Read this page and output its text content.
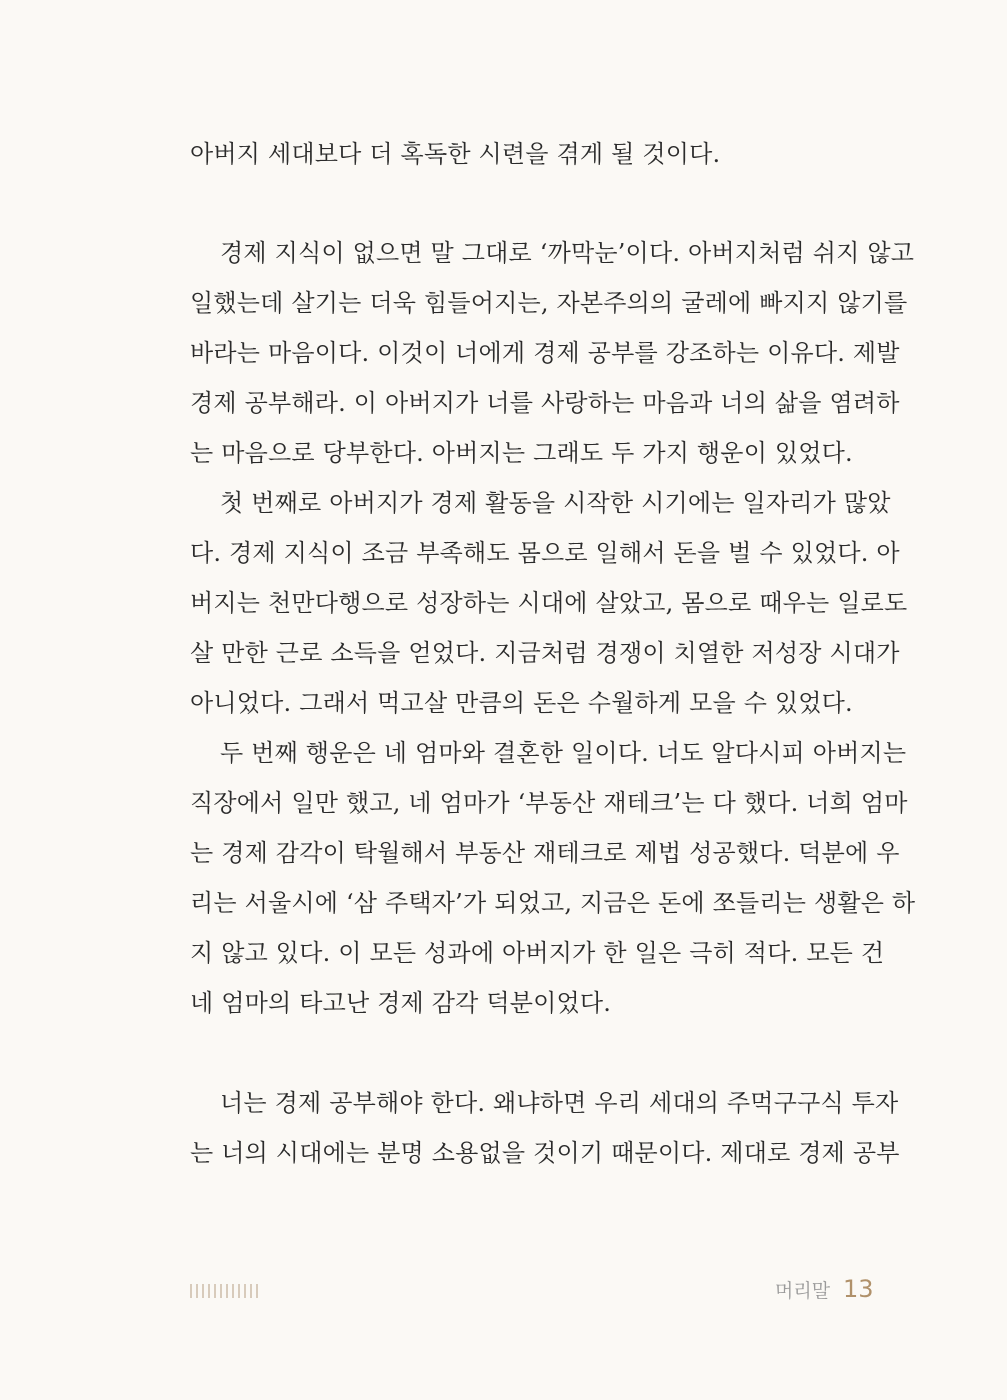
아버지 세대보다 더 혹독한 시련을 겪게 될 것이다.
경제 지식이 없으면 말 그대로 ‘까막눈’이다. 아버지처럼 쉬지 않고
일했는데 살기는 더욱 힘들어지는, 자본주의의 굴레에 빠지지 않기를
바라는 마음이다. 이것이 너에게 경제 공부를 강조하는 이유다. 제발
경제 공부해라. 이 아버지가 너를 사랑하는 마음과 너의 삶을 염려하
는 마음으로 당부한다. 아버지는 그래도 두 가지 행운이 있었다.
첫 번째로 아버지가 경제 활동을 시작한 시기에는 일자리가 많았
다. 경제 지식이 조금 부족해도 몸으로 일해서 돈을 벌 수 있었다. 아
버지는 천만다행으로 성장하는 시대에 살았고, 몸으로 때우는 일로도
살 만한 근로 소득을 얻었다. 지금처럼 경쟁이 치열한 저성장 시대가
아니었다. 그래서 먹고살 만큼의 돈은 수월하게 모을 수 있었다.
두 번째 행운은 네 엄마와 결혼한 일이다. 너도 알다시피 아버지는
직장에서 일만 했고, 네 엄마가 ‘부동산 재테크’는 다 했다. 너희 엄마
는 경제 감각이 탁월해서 부동산 재테크로 제법 성공했다. 덕분에 우
리는 서울시에 ‘삼 주택자’가 되었고, 지금은 돈에 쪼들리는 생활은 하
지 않고 있다. 이 모든 성과에 아버지가 한 일은 극히 적다. 모든 건
네 엄마의 타고난 경제 감각 덕분이었다.
너는 경제 공부해야 한다. 왜냐하면 우리 세대의 주먹구구식 투자
는 너의 시대에는 분명 소용없을 것이기 때문이다. 제대로 경제 공부
머리말 13
